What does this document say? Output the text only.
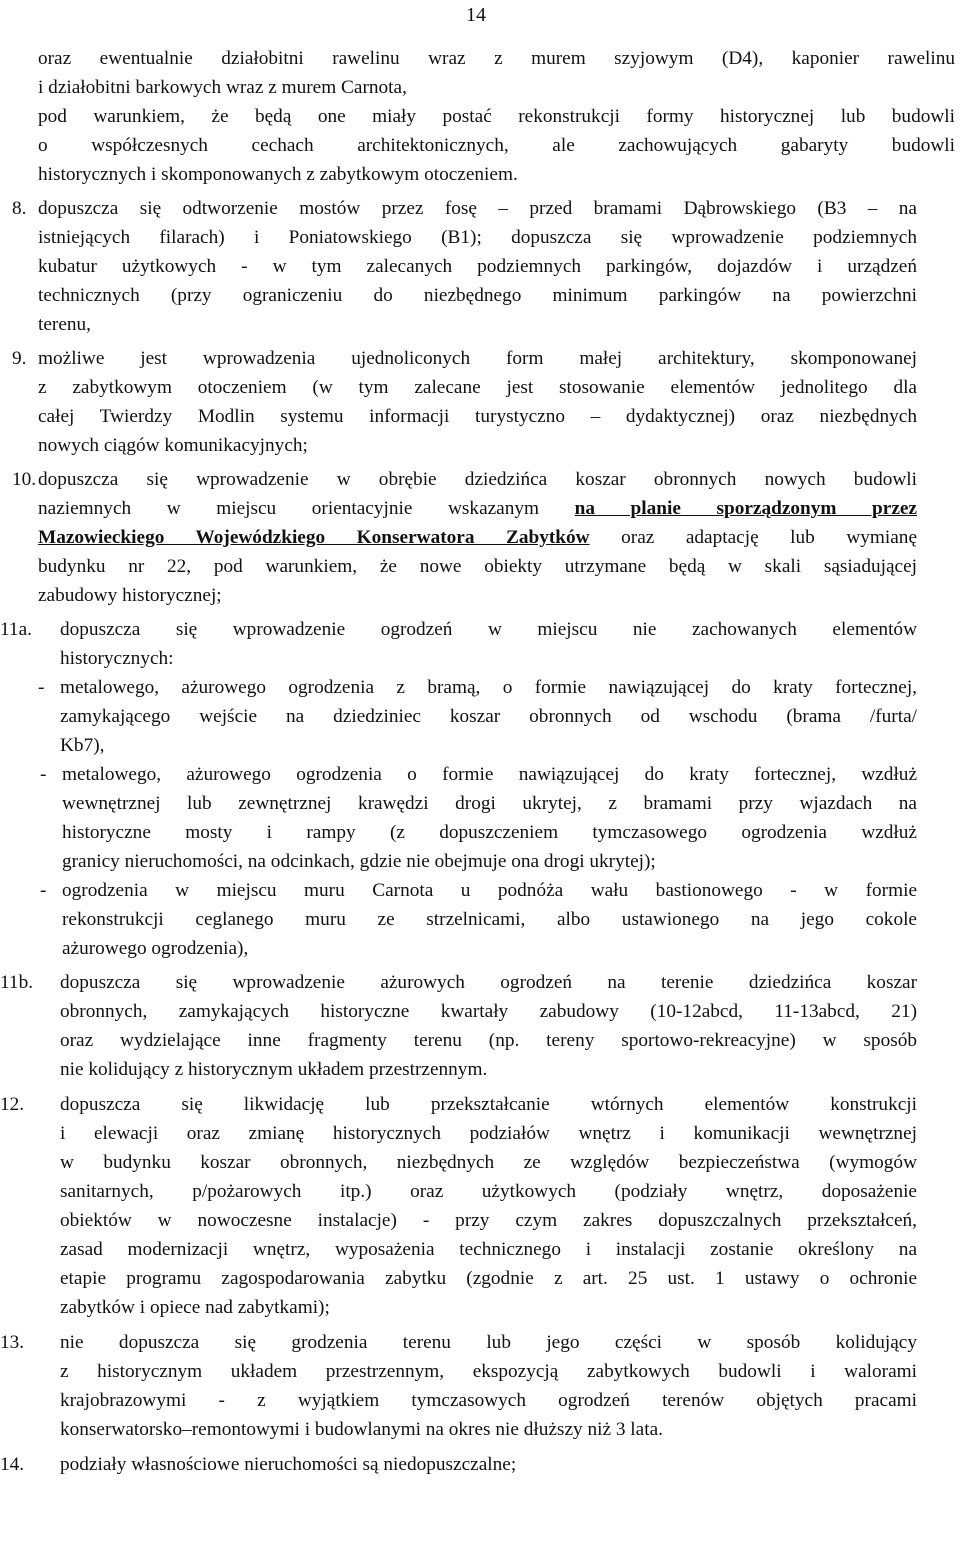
14
oraz ewentualnie działobitni rawelinu wraz z murem szyjowym (D4), kaponier rawelinu
i działobitni barkowych wraz z murem Carnota,
pod warunkiem, że będą one miały postać rekonstrukcji formy historycznej lub budowli
o współczesnych cechach architektonicznych, ale zachowujących gabaryty budowli
historycznych i skomponowanych z zabytkowym otoczeniem.
8. dopuszcza się odtworzenie mostów przez fosę – przed bramami Dąbrowskiego (B3 – na
istniejących filarach) i Poniatowskiego (B1); dopuszcza się wprowadzenie podziemnych
kubatur użytkowych - w tym zalecanych podziemnych parkingów, dojazdów i urządzeń
technicznych (przy ograniczeniu do niezbędnego minimum parkingów na powierzchni
terenu,
9. możliwe jest wprowadzenia ujednoliconych form małej architektury, skomponowanej
z zabytkowym otoczeniem (w tym zalecane jest stosowanie elementów jednolitego dla
całej Twierdzy Modlin systemu informacji turystyczno – dydaktycznej) oraz niezbędnych
nowych ciągów komunikacyjnych;
10. dopuszcza się wprowadzenie w obrębie dziedzińca koszar obronnych nowych budowli
naziemnych w miejscu orientacyjnie wskazanym na planie sporządzonym przez
Mazowieckiego Wojewódzkiego Konserwatora Zabytków oraz adaptację lub wymianę
budynku nr 22, pod warunkiem, że nowe obiekty utrzymane będą w skali sąsiadującej
zabudowy historycznej;
11a.	dopuszcza się wprowadzenie ogrodzeń w miejscu nie zachowanych elementów
historycznych:
- metalowego, ażurowego ogrodzenia z bramą, o formie nawiązującej do kraty fortecznej,
zamykającego wejście na dziedziniec koszar obronnych od wschodu (brama /furta/
Kb7),
- metalowego, ażurowego ogrodzenia o formie nawiązującej do kraty fortecznej, wzdłuż
wewnętrznej lub zewnętrznej krawędzi drogi ukrytej, z bramami przy wjazdach na
historyczne mosty i rampy (z dopuszczeniem tymczasowego ogrodzenia wzdłuż
granicy nieruchomości, na odcinkach, gdzie nie obejmuje ona drogi ukrytej);
- ogrodzenia w miejscu muru Carnota u podnóża wału bastionowego - w formie
rekonstrukcji ceglanego muru ze strzelnicami, albo ustawionego na jego cokole
ażurowego ogrodzenia),
11b.	dopuszcza się wprowadzenie ażurowych ogrodzeń na terenie dziedzińca koszar
obronnych, zamykających historyczne kwartały zabudowy (10-12abcd, 11-13abcd, 21)
oraz wydzielające inne fragmenty terenu (np. tereny sportowo-rekreacyjne) w sposób
nie kolidujący z historycznym układem przestrzennym.
12.	dopuszcza się likwidację lub przekształcanie wtórnych elementów konstrukcji
i elewacji oraz zmianę historycznych podziałów wnętrz i komunikacji wewnętrznej
w budynku koszar obronnych, niezbędnych ze względów bezpieczeństwa (wymogów
sanitarnych, p/pożarowych itp.) oraz użytkowych (podziały wnętrz, doposażenie
obiektów w nowoczesne instalacje) - przy czym zakres dopuszczalnych przekształceń,
zasad modernizacji wnętrz, wyposażenia technicznego i instalacji zostanie określony na
etapie programu zagospodarowania zabytku (zgodnie z art. 25 ust. 1 ustawy o ochronie
zabytków i opiece nad zabytkami);
13.	nie dopuszcza się grodzenia terenu lub jego części w sposób kolidujący
z historycznym układem przestrzennym, ekspozycją zabytkowych budowli i walorami
krajobrazowymi - z wyjątkiem tymczasowych ogrodzeń terenów objętych pracami
konserwatorsko–remontowymi i budowlanymi na okres nie dłuższy niż 3 lata.
14.	podziały własnościowe nieruchomości są niedopuszczalne;
